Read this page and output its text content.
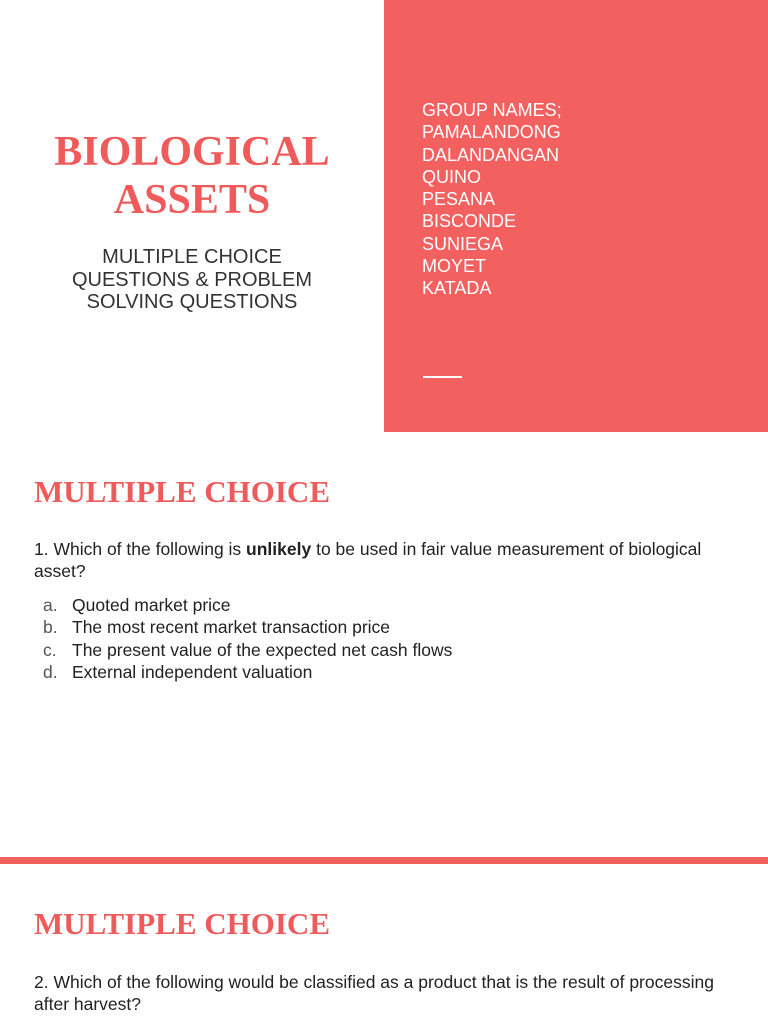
BIOLOGICAL
ASSETS

MULTIPLE CHOICE
QUESTIONS & PROBLEM
SOLVING QUESTIONS

GROUP NAMES;
PAMALANDONG
DALANDANGAN
QUINO
PESANA
BISCONDE
SUNIEGA
MOYET
KATADA
MULTIPLE CHOICE

1. Which of the following is unlikely to be used in fair value measurement of biological asset?

a. Quoted market price
b. The most recent market transaction price
c. The present value of the expected net cash flows
d. External independent valuation
MULTIPLE CHOICE

2. Which of the following would be classified as a product that is the result of processing after harvest?
